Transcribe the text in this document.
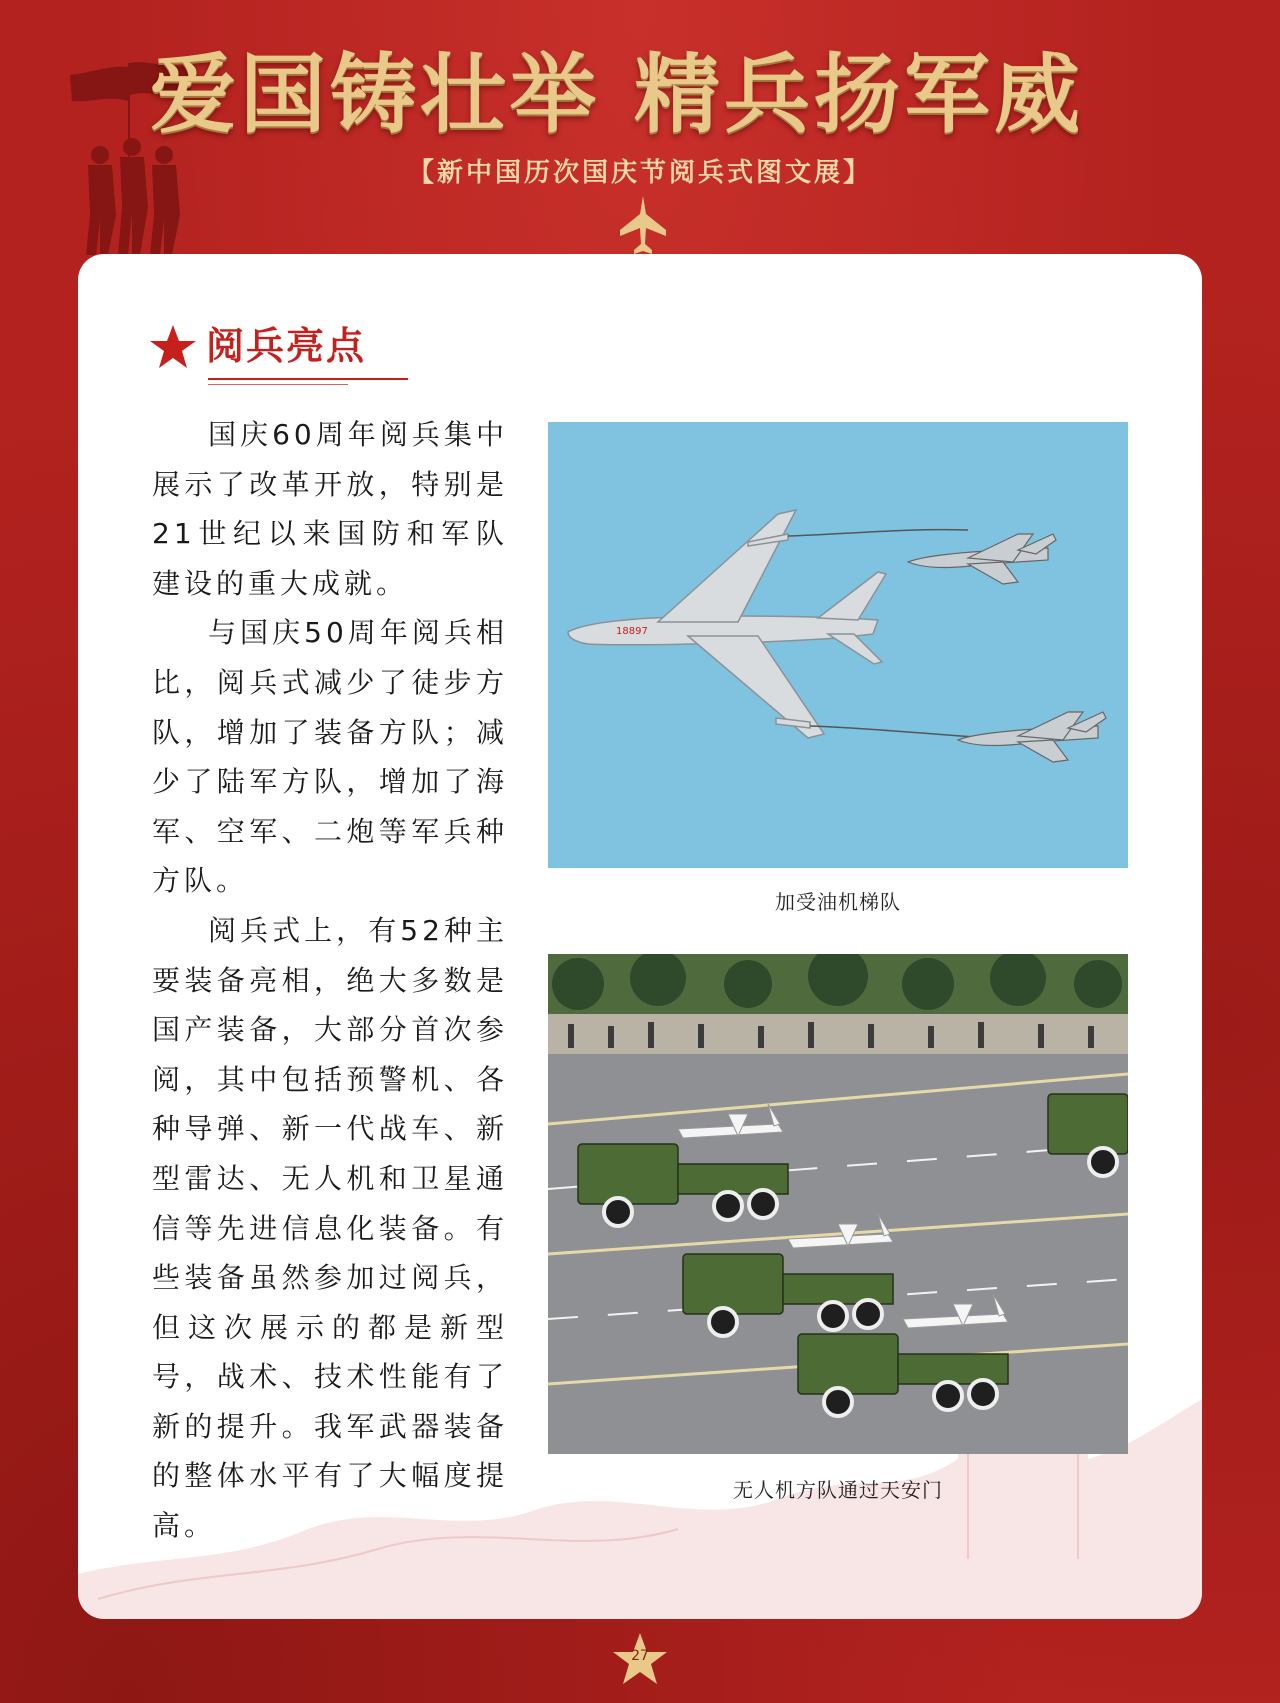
爱国铸壮举 精兵扬军威
【新中国历次国庆节阅兵式图文展】
阅兵亮点

国庆60周年阅兵集中展示了改革开放，特别是21世纪以来国防和军队建设的重大成就。

与国庆50周年阅兵相比，阅兵式减少了徒步方队，增加了装备方队；减少了陆军方队，增加了海军、空军、二炮等军兵种方队。

阅兵式上，有52种主要装备亮相，绝大多数是国产装备，大部分首次参阅，其中包括预警机、各种导弹、新一代战车、新型雷达、无人机和卫星通信等先进信息化装备。有些装备虽然参加过阅兵，但这次展示的都是新型号，战术、技术性能有了新的提升。我军武器装备的整体水平有了大幅度提高。

18897
加受油机梯队
无人机方队通过天安门
27
